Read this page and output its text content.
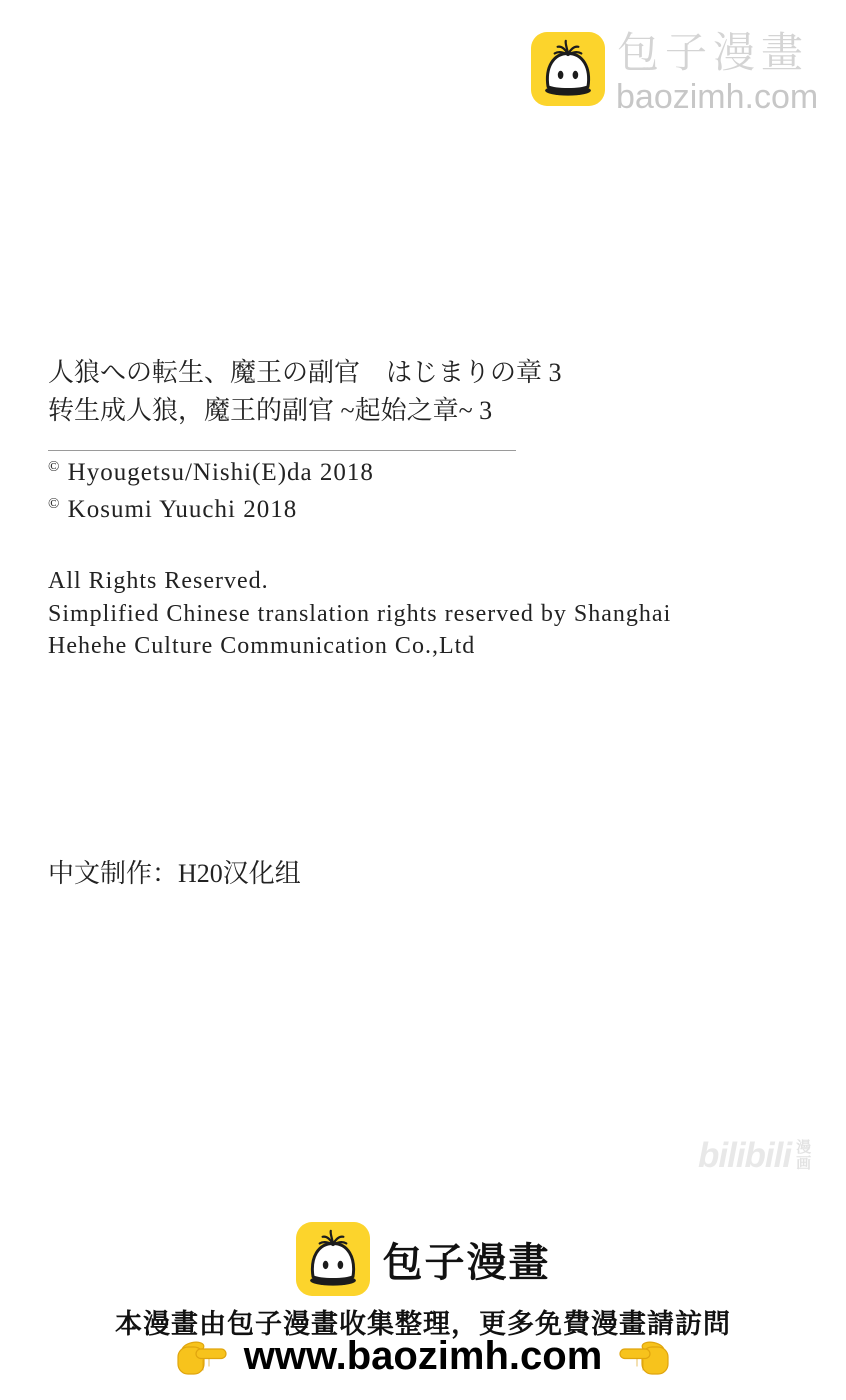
包子漫畫
baozimh.com
人狼への転生、魔王の副官　はじまりの章 3
转生成人狼，魔王的副官 ~起始之章~ 3
© Hyougetsu/Nishi(E)da 2018
© Kosumi Yuuchi 2018
All Rights Reserved.
Simplified Chinese translation rights reserved by Shanghai
Hehehe Culture Communication Co.,Ltd
中文制作：H20汉化组
bilibili 漫
画
包子漫畫
本漫畫由包子漫畫收集整理，更多免費漫畫請訪問
www.baozimh.com
